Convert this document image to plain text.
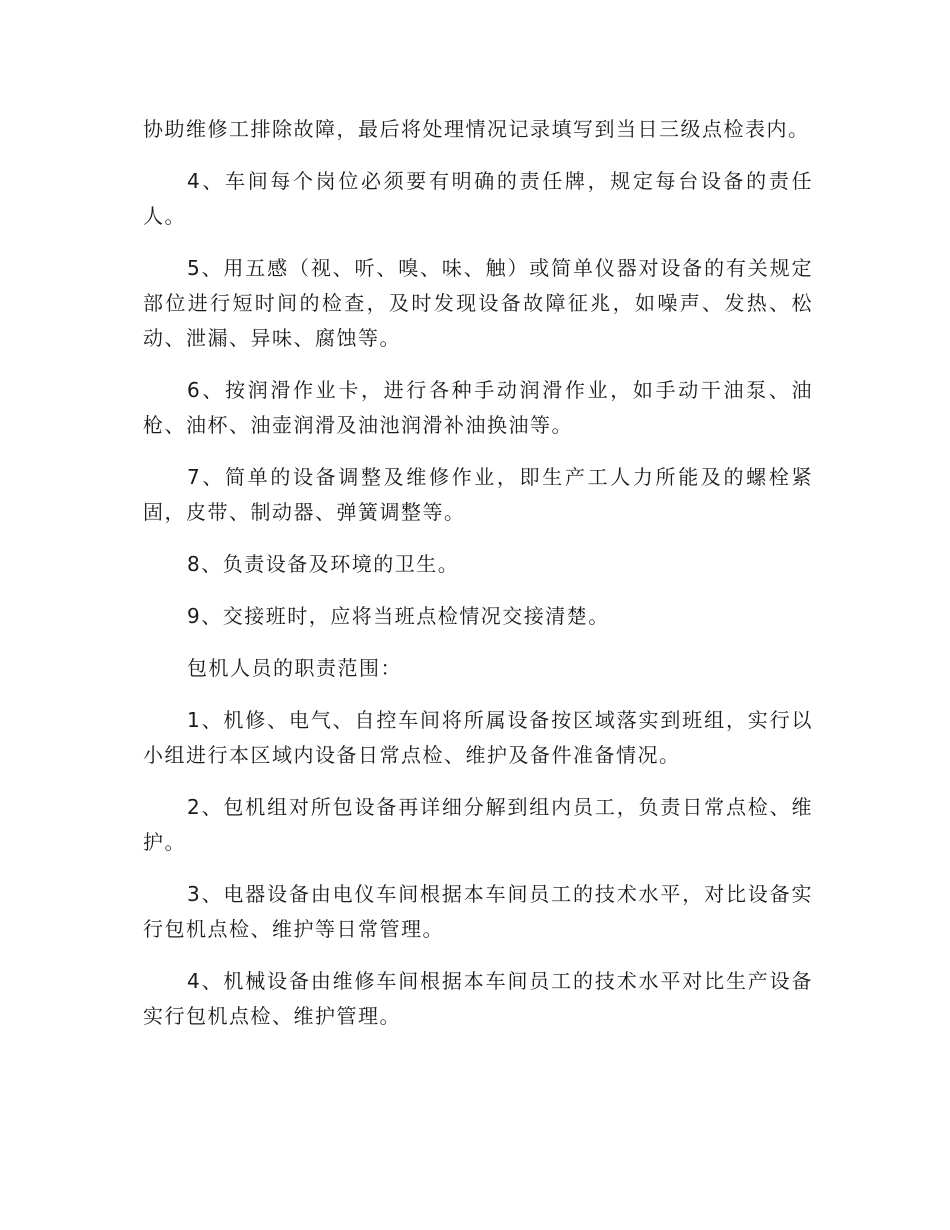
协助维修工排除故障，最后将处理情况记录填写到当日三级点检表内。

4、车间每个岗位必须要有明确的责任牌，规定每台设备的责任人。

5、用五感（视、听、嗅、味、触）或简单仪器对设备的有关规定部位进行短时间的检查，及时发现设备故障征兆，如噪声、发热、松动、泄漏、异味、腐蚀等。

6、按润滑作业卡，进行各种手动润滑作业，如手动干油泵、油枪、油杯、油壶润滑及油池润滑补油换油等。

7、简单的设备调整及维修作业，即生产工人力所能及的螺栓紧固，皮带、制动器、弹簧调整等。

8、负责设备及环境的卫生。

9、交接班时，应将当班点检情况交接清楚。

包机人员的职责范围：

1、机修、电气、自控车间将所属设备按区域落实到班组，实行以小组进行本区域内设备日常点检、维护及备件准备情况。

2、包机组对所包设备再详细分解到组内员工，负责日常点检、维护。

3、电器设备由电仪车间根据本车间员工的技术水平，对比设备实行包机点检、维护等日常管理。

4、机械设备由维修车间根据本车间员工的技术水平对比生产设备实行包机点检、维护管理。
